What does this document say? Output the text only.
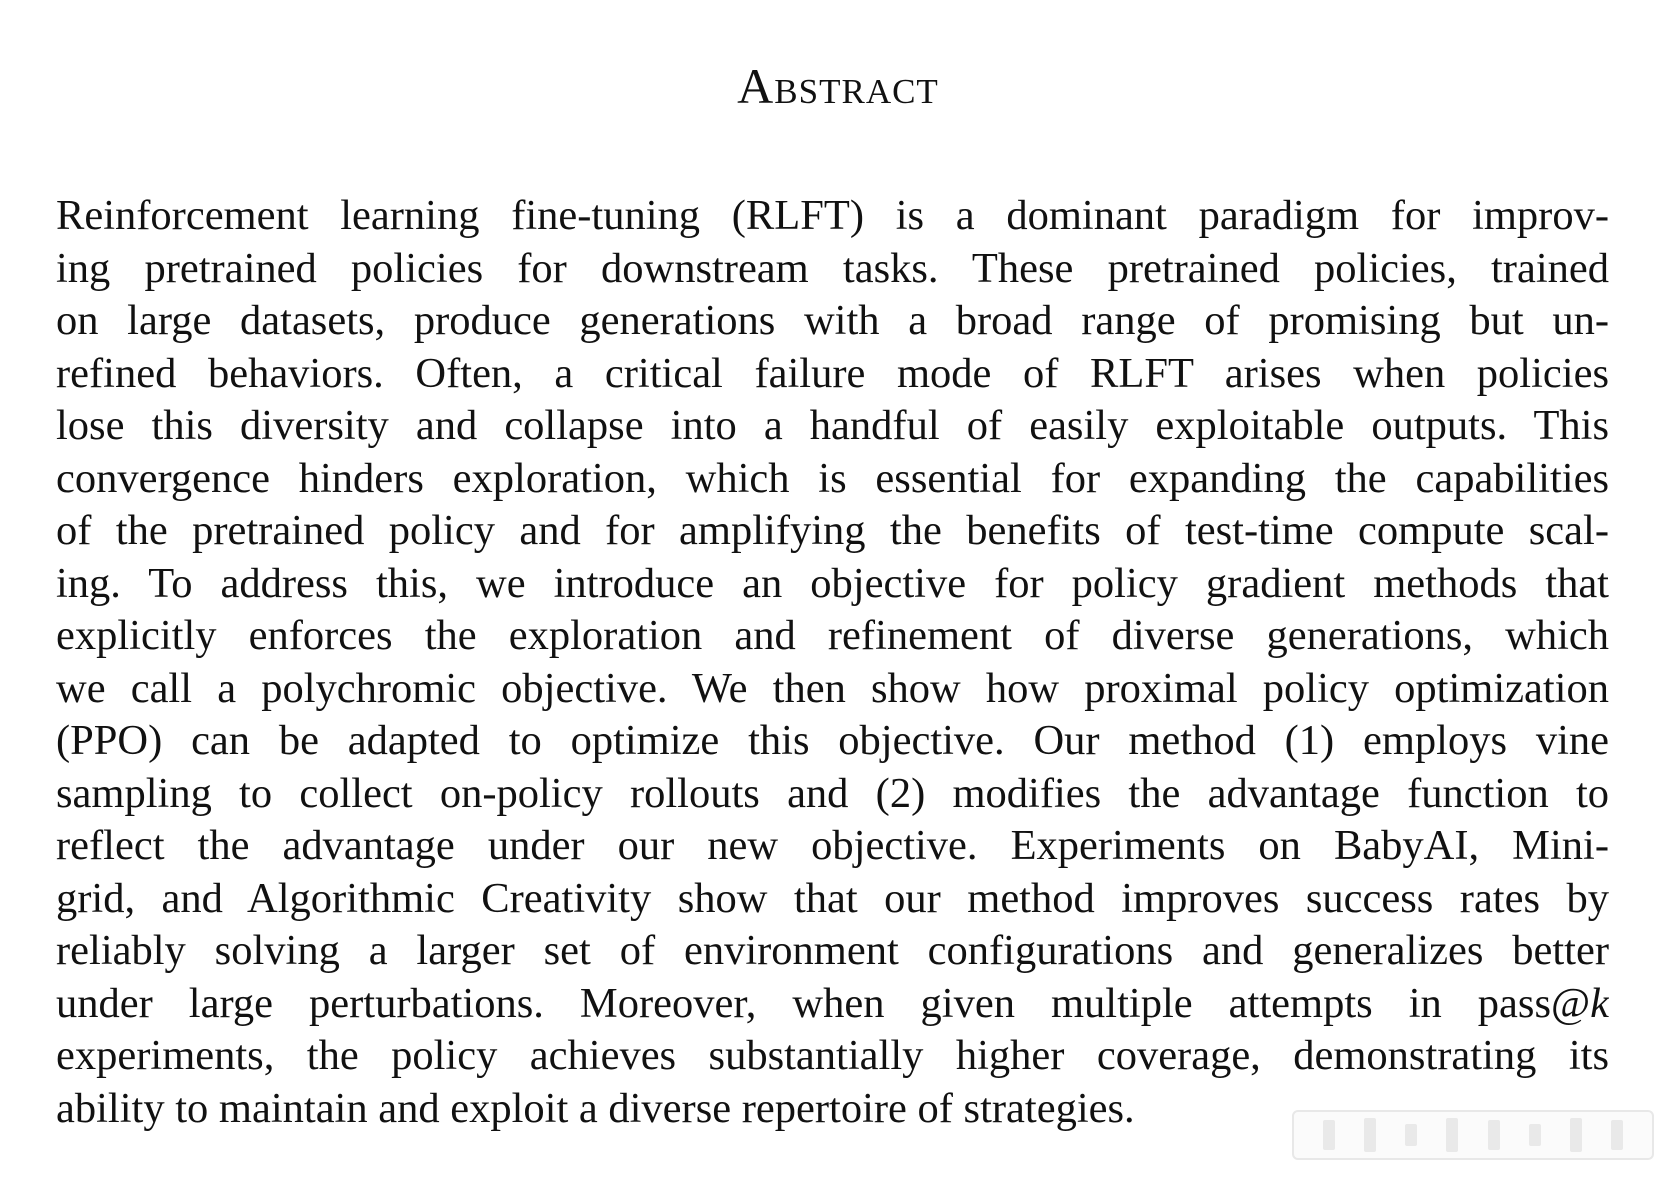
Abstract
Reinforcement learning fine-tuning (RLFT) is a dominant paradigm for improv-
ing pretrained policies for downstream tasks. These pretrained policies, trained
on large datasets, produce generations with a broad range of promising but un-
refined behaviors. Often, a critical failure mode of RLFT arises when policies
lose this diversity and collapse into a handful of easily exploitable outputs. This
convergence hinders exploration, which is essential for expanding the capabilities
of the pretrained policy and for amplifying the benefits of test-time compute scal-
ing. To address this, we introduce an objective for policy gradient methods that
explicitly enforces the exploration and refinement of diverse generations, which
we call a polychromic objective. We then show how proximal policy optimization
(PPO) can be adapted to optimize this objective. Our method (1) employs vine
sampling to collect on-policy rollouts and (2) modifies the advantage function to
reflect the advantage under our new objective. Experiments on BabyAI, Mini-
grid, and Algorithmic Creativity show that our method improves success rates by
reliably solving a larger set of environment configurations and generalizes better
under large perturbations. Moreover, when given multiple attempts in pass@k
experiments, the policy achieves substantially higher coverage, demonstrating its
ability to maintain and exploit a diverse repertoire of strategies.
